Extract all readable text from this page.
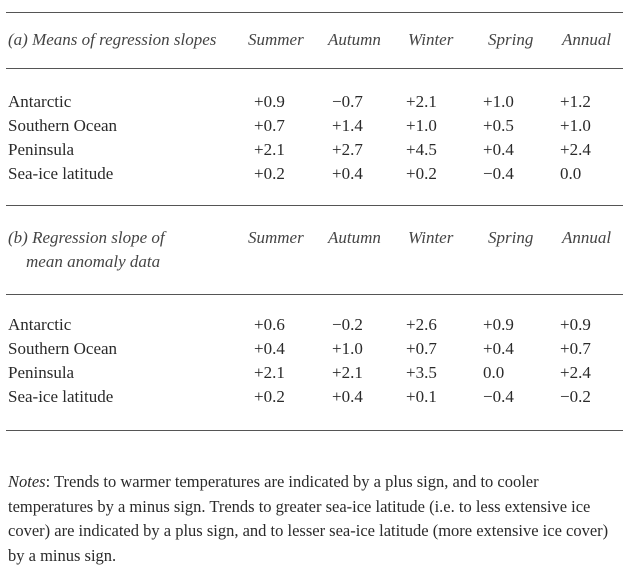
(a) Means of regression slopes Summer Autumn Winter Spring Annual
Antarctic	+0.9	−0.7	+2.1	+1.0	+1.2
Southern Ocean	+0.7	+1.4	+1.0	+0.5	+1.0
Peninsula	+2.1	+2.7	+4.5	+0.4	+2.4
Sea-ice latitude	+0.2	+0.4	+0.2	−0.4	0.0
(b) Regression slope of	Summer Autumn Winter Spring Annual
mean anomaly data
Antarctic	+0.6	−0.2	+2.6	+0.9	+0.9
Southern Ocean	+0.4	+1.0	+0.7	+0.4	+0.7
Peninsula	+2.1	+2.1	+3.5	0.0	+2.4
Sea-ice latitude	+0.2	+0.4	+0.1	−0.4	−0.2
Notes: Trends to warmer temperatures are indicated by a plus sign, and to cooler temperatures by a minus sign. Trends to greater sea-ice latitude (i.e. to less extensive ice cover) are indicated by a plus sign, and to lesser sea-ice latitude (more extensive ice cover) by a minus sign.
